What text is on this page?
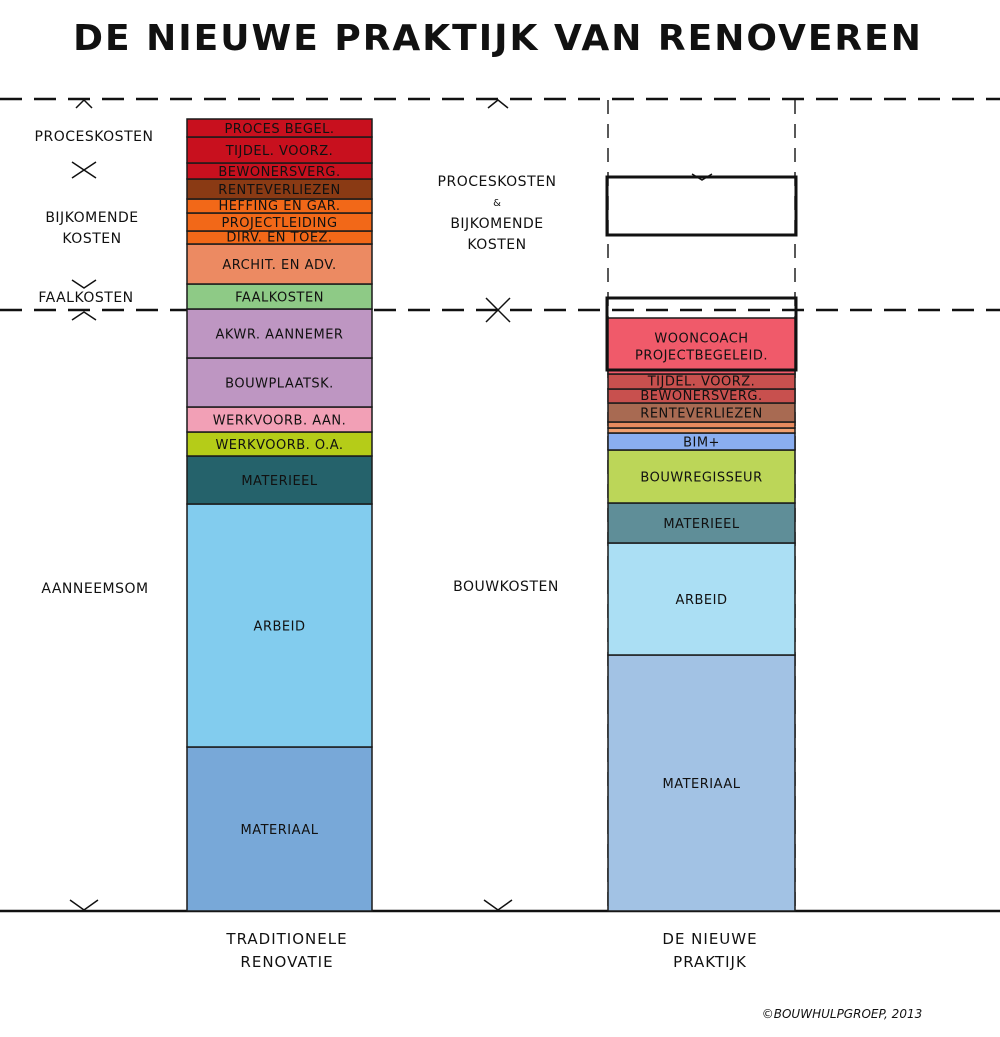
DE NIEUWE PRAKTIJK VAN RENOVEREN
MATERIAAL
ARBEID
MATERIEEL
WERKVOORB. O.A.
WERKVOORB. AAN.
BOUWPLAATSK.
AKWR. AANNEMER
FAALKOSTEN
ARCHIT. EN ADV.
DIRV. EN TOEZ.
PROJECTLEIDING
HEFFING EN GAR.
RENTEVERLIEZEN
BEWONERSVERG.
TIJDEL. VOORZ.
PROCES BEGEL.
MATERIAAL
ARBEID
MATERIEEL
BOUWREGISSEUR
BIM+
RENTEVERLIEZEN
BEWONERSVERG.
TIJDEL. VOORZ.
WOONCOACH
PROJECTBEGELEID.
PROCESKOSTEN
BIJKOMENDE
KOSTEN
FAALKOSTEN
AANNEEMSOM
PROCESKOSTEN
&
BIJKOMENDE
KOSTEN
BOUWKOSTEN
TRADITIONELE
RENOVATIE
DE NIEUWE
PRAKTIJK
©BOUWHULPGROEP, 2013
